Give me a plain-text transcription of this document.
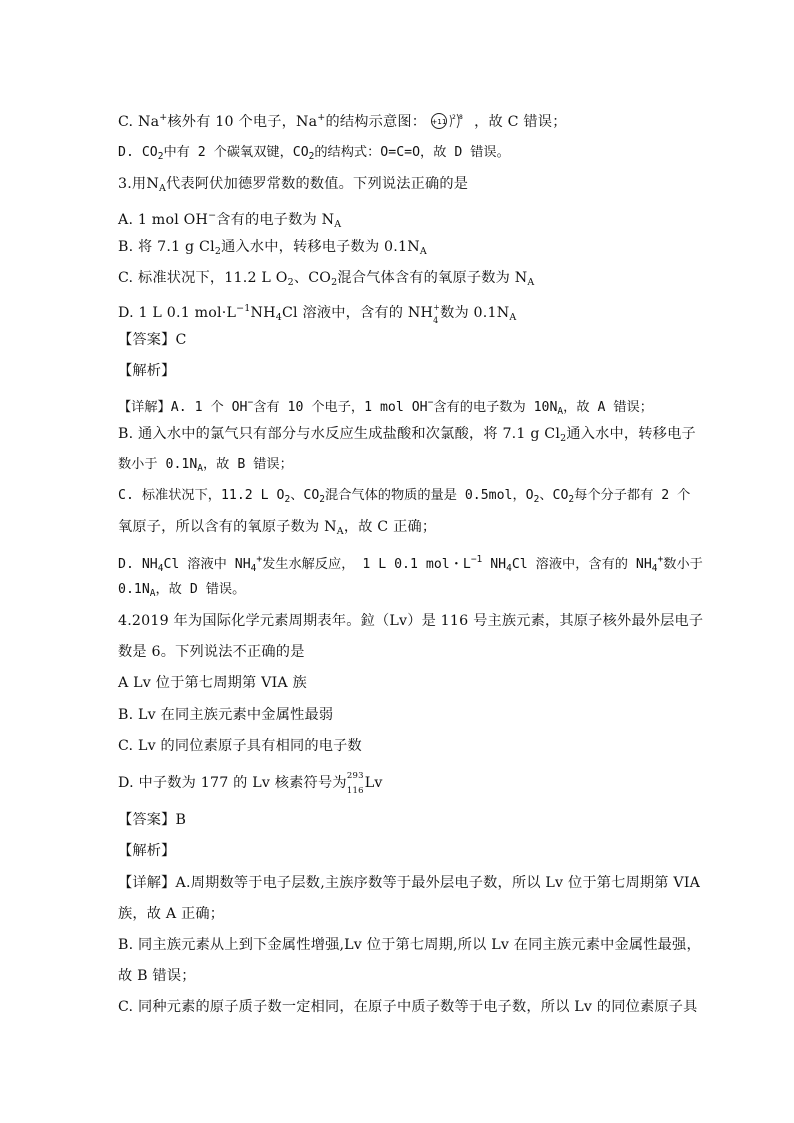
C. Na+核外有 10 个电子，Na+的结构示意图： +11
2 8 ，故 C 错误；
D. $CO_2$中有 2 个碳氧双键，$CO_2$的结构式：O=C=O，故 D 错误。
3.用$N_A$代表阿伏加德罗常数的数值。下列说法正确的是
A. 1 mol OH−含有的电子数为 $N_A$
B. 将 7.1 g $Cl_2$通入水中，转移电子数为 $0.1N_A$
C. 标准状况下，11.2 L $O_2$、$CO_2$混合气体含有的氧原子数为 $N_A$
D. 1 L 0.1 $mol\cdot L^{-1}NH_4Cl$ 溶液中，含有的 NH +
4 数为 $0.1N_A$
【答案】C
【解析】
【详解】A. 1 个 OH−含有 10 个电子，1 mol OH−含有的电子数为 $10N_A$，故 A 错误；
B. 通入水中的氯气只有部分与水反应生成盐酸和次氯酸，将 7.1 g $Cl_2$通入水中，转移电子
数小于 $0.1N_A$，故 B 错误；
C. 标准状况下，11.2 L $O_2$、$CO_2$混合气体的物质的量是 0.5mol，$O_2$、$CO_2$每个分子都有 2 个
氧原子，所以含有的氧原子数为 $N_A$，故 C 正确；
D. $NH_4Cl$ 溶液中 $NH_4^+$发生水解反应， 1 L 0.1 mol・$L^{-1}$ $NH_4Cl$ 溶液中，含有的 $NH_4^+$数小于
$0.1N_A$，故 D 错误。
4.2019 年为国际化学元素周期表年。鉝（Lv）是 116 号主族元素，其原子核外最外层电子
数是 6。下列说法不正确的是
A Lv 位于第七周期第 VIA 族
B. Lv 在同主族元素中金属性最弱
C. Lv 的同位素原子具有相同的电子数
D. 中子数为 177 的 Lv 核素符号为 293
116 Lv
【答案】B
【解析】
【详解】A.周期数等于电子层数,主族序数等于最外层电子数，所以 Lv 位于第七周期第 VIA
族，故 A 正确；
B. 同主族元素从上到下金属性增强,Lv 位于第七周期,所以 Lv 在同主族元素中金属性最强，
故 B 错误；
C. 同种元素的原子质子数一定相同，在原子中质子数等于电子数，所以 Lv 的同位素原子具
